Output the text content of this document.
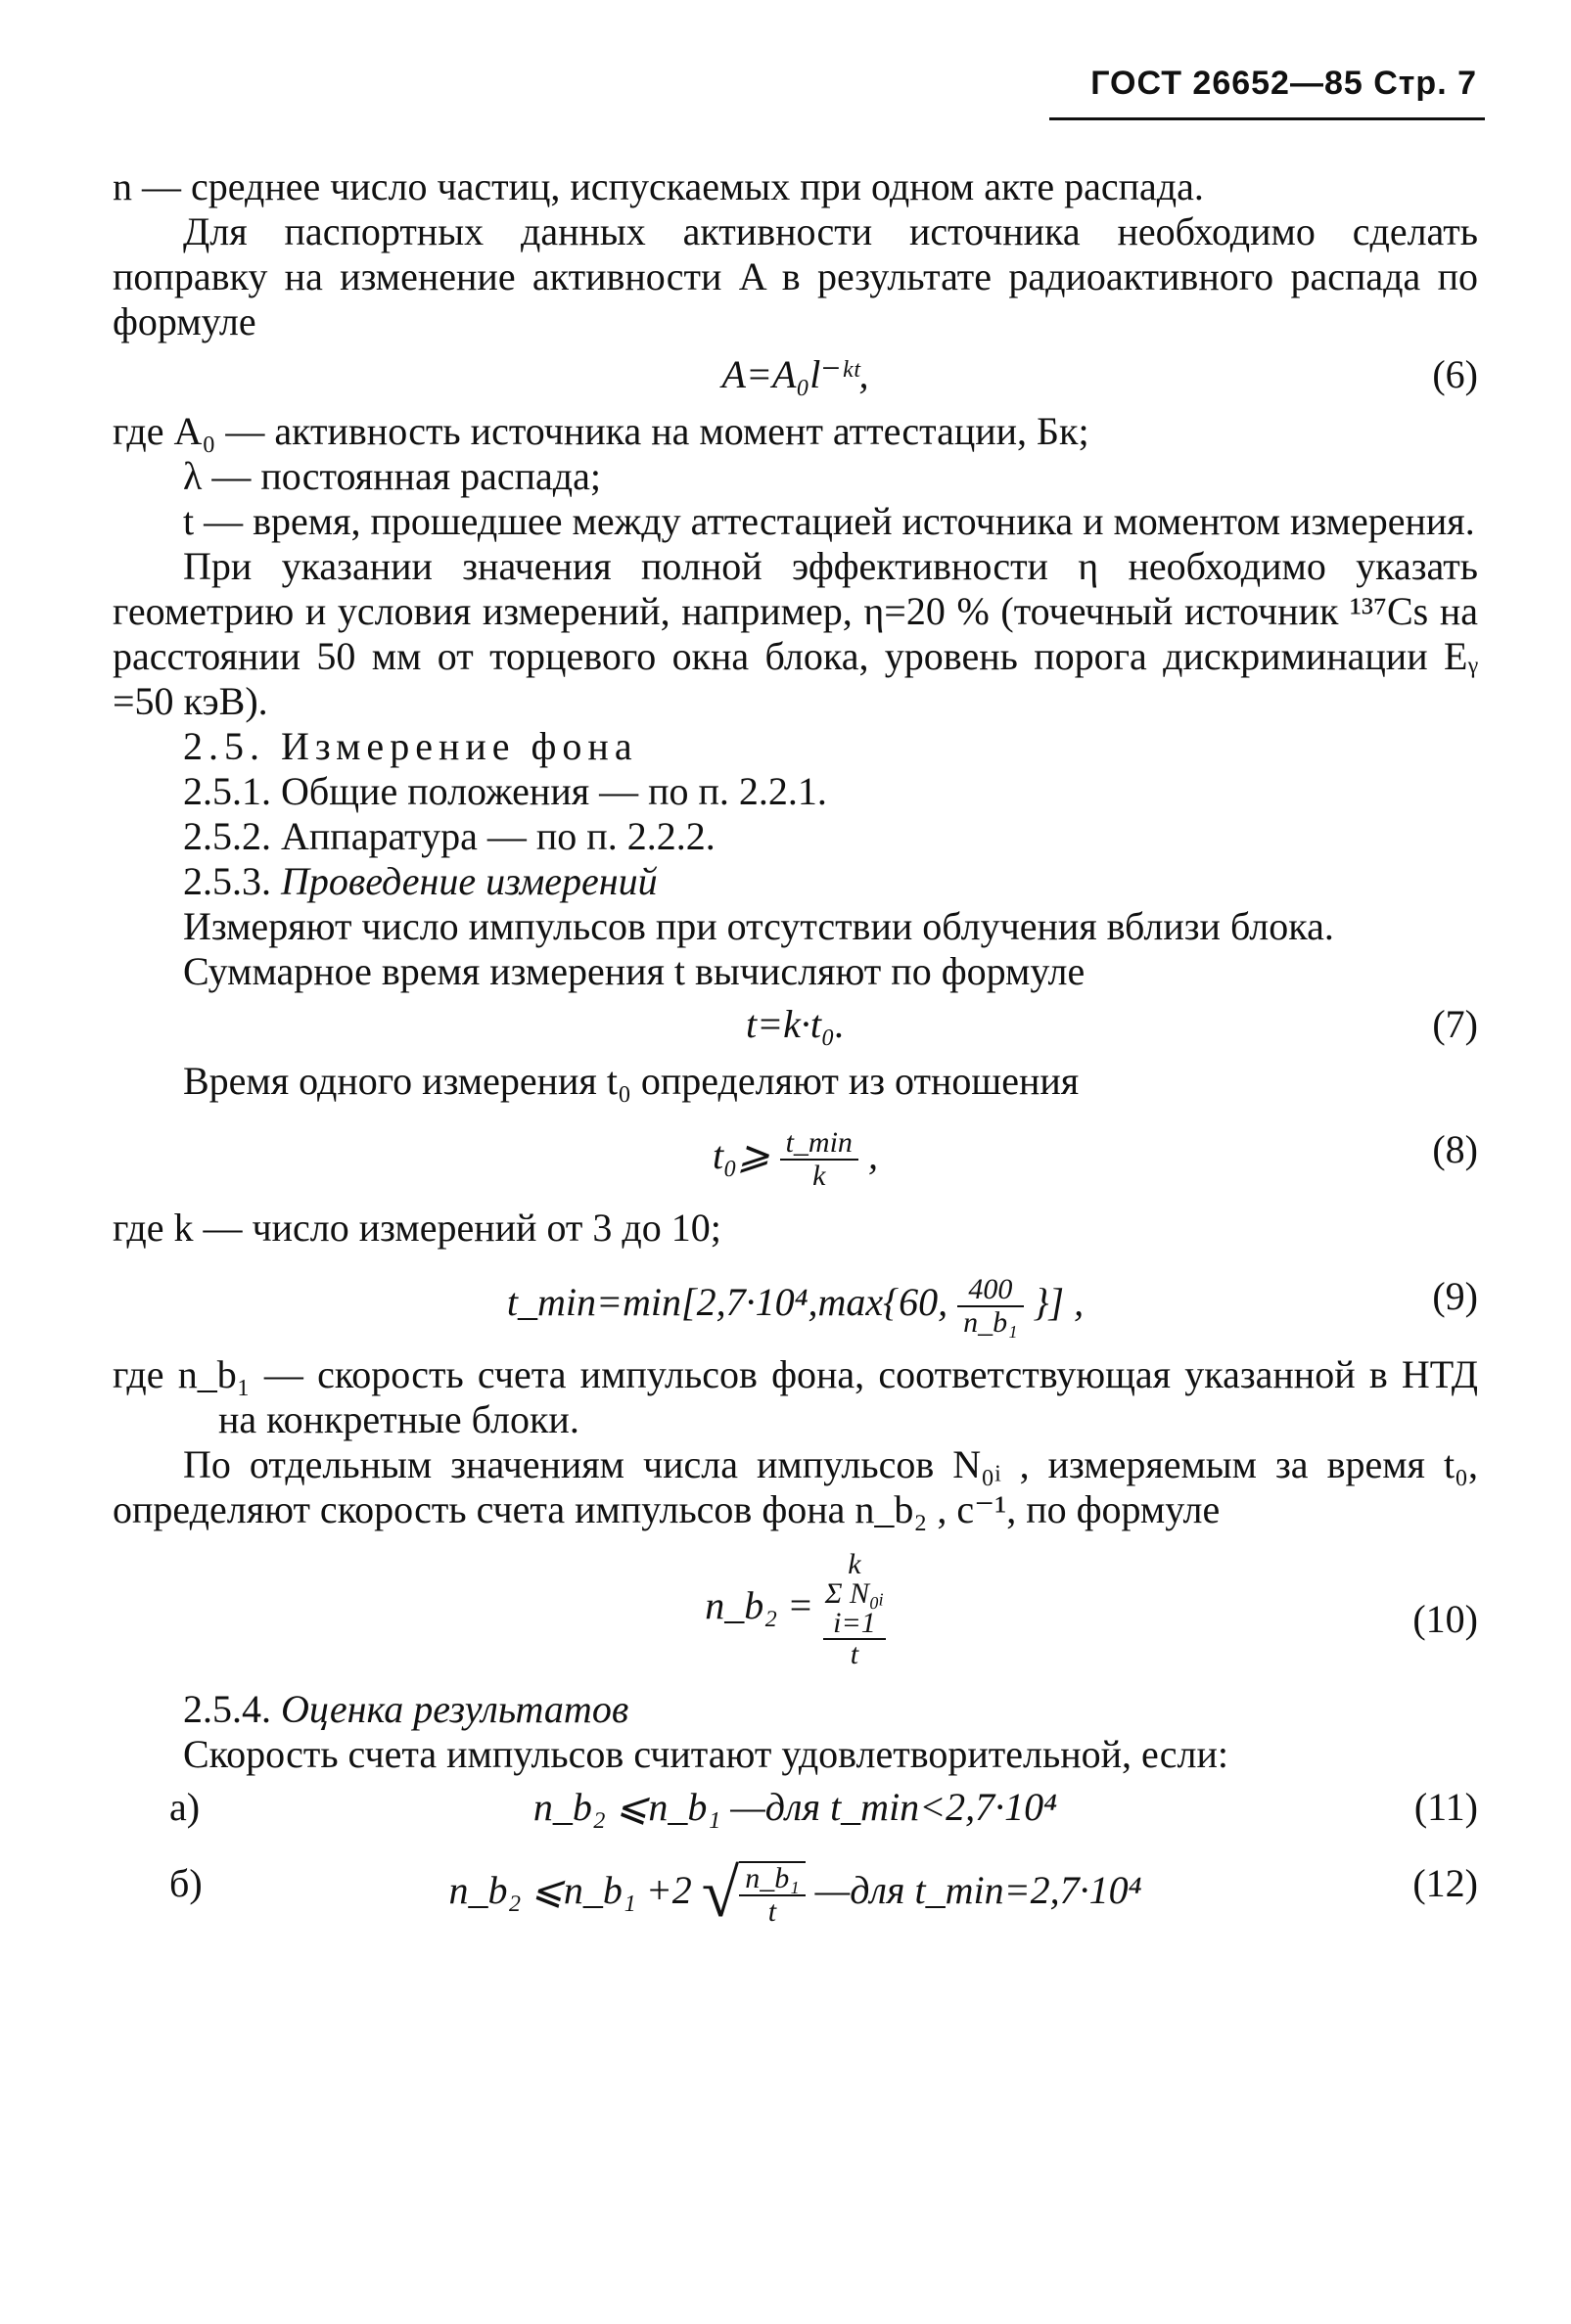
ГОСТ 26652—85 Стр. 7

n — среднее число частиц, испускаемых при одном акте распада.

Для паспортных данных активности источника необходимо сделать поправку на изменение активности A в результате радиоактивного распада по формуле

A=A₀l⁻ᵏᵗ,	(6)

где A₀ — активность источника на момент аттестации, Бк;

λ — постоянная распада;

t — время, прошедшее между аттестацией источника и моментом измерения.

При указании значения полной эффективности η необходимо указать геометрию и условия измерений, например, η=20 % (точечный источник ¹³⁷Cs на расстоянии 50 мм от торцевого окна блока, уровень порога дискриминации Eᵧ =50 кэВ).

2.5. Измерение фона

2.5.1. Общие положения — по п. 2.2.1.

2.5.2. Аппаратура — по п. 2.2.2.

2.5.3. Проведение измерений

Измеряют число импульсов при отсутствии облучения вблизи блока.

Суммарное время измерения t вычисляют по формуле

t=k·t₀.	(7)

Время одного измерения t₀ определяют из отношения

t₀⩾ $\frac{t\_\min}{k}$ ,	(8)

где k — число измерений от 3 до 10;

t_min=min[2,7·10⁴,max{60, $\frac{400}{\text{n\_b₁}}$ }] ,	(9)

где n_b₁ — скорость счета импульсов фона, соответствующая указанной в НТД на конкретные блоки.

По отдельным значениям числа импульсов N₀ᵢ , измеряемым за время t₀, определяют скорость счета импульсов фона n_b₂ , с⁻¹, по формуле

n_b₂ =
k
Σ N₀ᵢ
i=1
t
(10)

2.5.4. Оценка результатов

Скорость счета импульсов считают удовлетворительной, если:

а)	n_b₂ ⩽n_b₁ —для t_min<2,7·10⁴	(11)
б)	n_b₂ ⩽n_b₁ +2 √ $\frac{\text{n\_b₁}}{t}$ —для t_min=2,7·10⁴	(12)
